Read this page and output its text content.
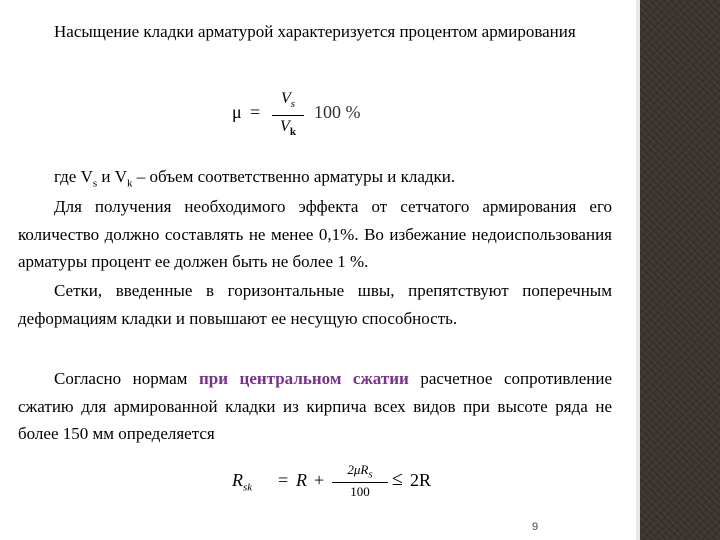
Насыщение кладки арматурой характеризуется процентом армирования

μ =
$V_s$
$V_k$
100 %

где $V_s$ и $V_k$ – объем соответственно арматуры и кладки.

Для получения необходимого эффекта от сетчатого армирования его количество должно составлять не менее 0,1%. Во избежание недоиспользования арматуры процент ее должен быть не более 1 %.

Сетки, введенные в горизонтальные швы, препятствуют поперечным деформациям кладки и повышают ее несущую способность.

Согласно нормам при центральном сжатии расчетное сопротивление сжатию для армированной кладки из кирпича всех видов при высоте ряда не более 150 мм определяется

$R_{sk} = R$ +
$2\mu R_s$
100
≤ 2R
9
